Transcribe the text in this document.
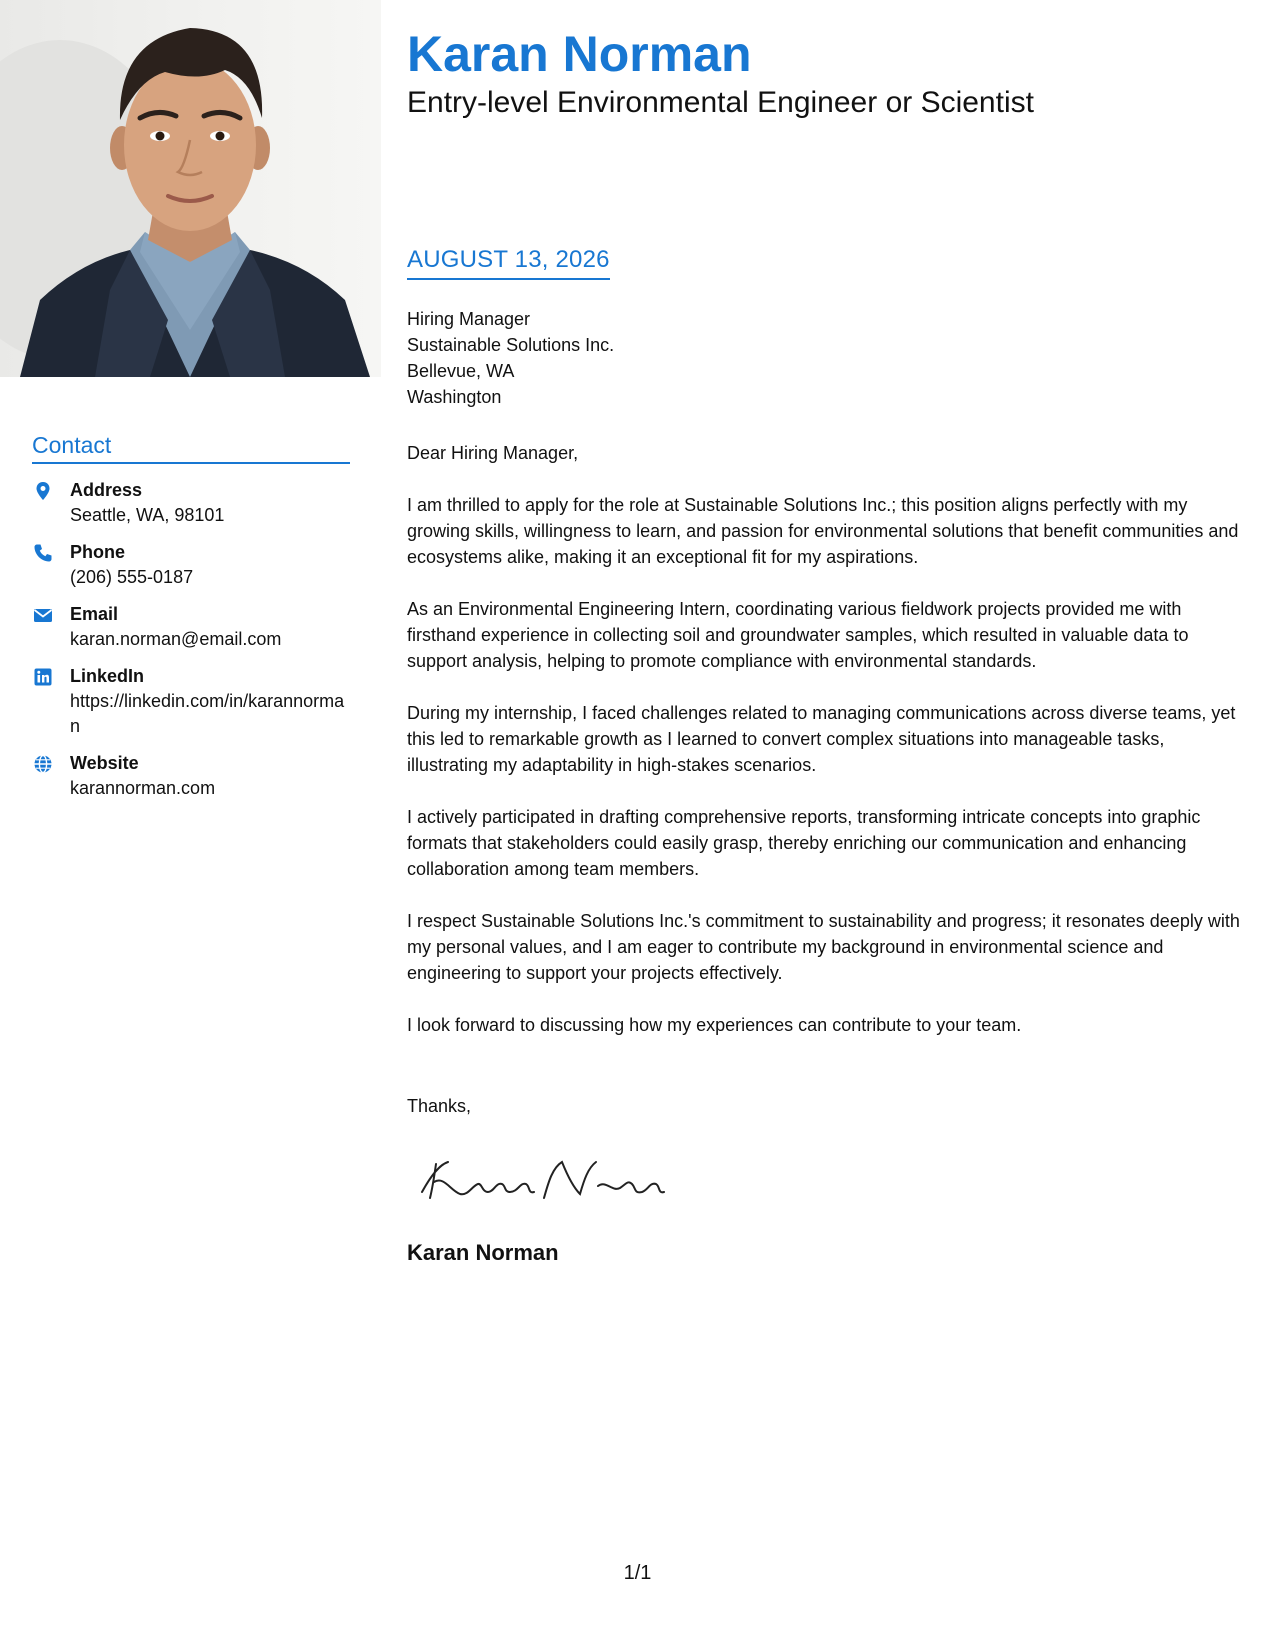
Contact
Address
Seattle, WA, 98101
Phone
(206) 555-0187
Email
karan.norman@email.com
LinkedIn
https://linkedin.com/in/karannorman
Website
karannorman.com
Karan Norman
Entry-level Environmental Engineer or Scientist
AUGUST 13, 2026
Hiring Manager
Sustainable Solutions Inc.
Bellevue, WA
Washington

Dear Hiring Manager,

I am thrilled to apply for the role at Sustainable Solutions Inc.; this position aligns perfectly with my growing skills, willingness to learn, and passion for environmental solutions that benefit communities and ecosystems alike, making it an exceptional fit for my aspirations.

As an Environmental Engineering Intern, coordinating various fieldwork projects provided me with firsthand experience in collecting soil and groundwater samples, which resulted in valuable data to support analysis, helping to promote compliance with environmental standards.

During my internship, I faced challenges related to managing communications across diverse teams, yet this led to remarkable growth as I learned to convert complex situations into manageable tasks, illustrating my adaptability in high-stakes scenarios.

I actively participated in drafting comprehensive reports, transforming intricate concepts into graphic formats that stakeholders could easily grasp, thereby enriching our communication and enhancing collaboration among team members.

I respect Sustainable Solutions Inc.'s commitment to sustainability and progress; it resonates deeply with my personal values, and I am eager to contribute my background in environmental science and engineering to support your projects effectively.

I look forward to discussing how my experiences can contribute to your team.

Thanks,
Karan Norman
1/1
